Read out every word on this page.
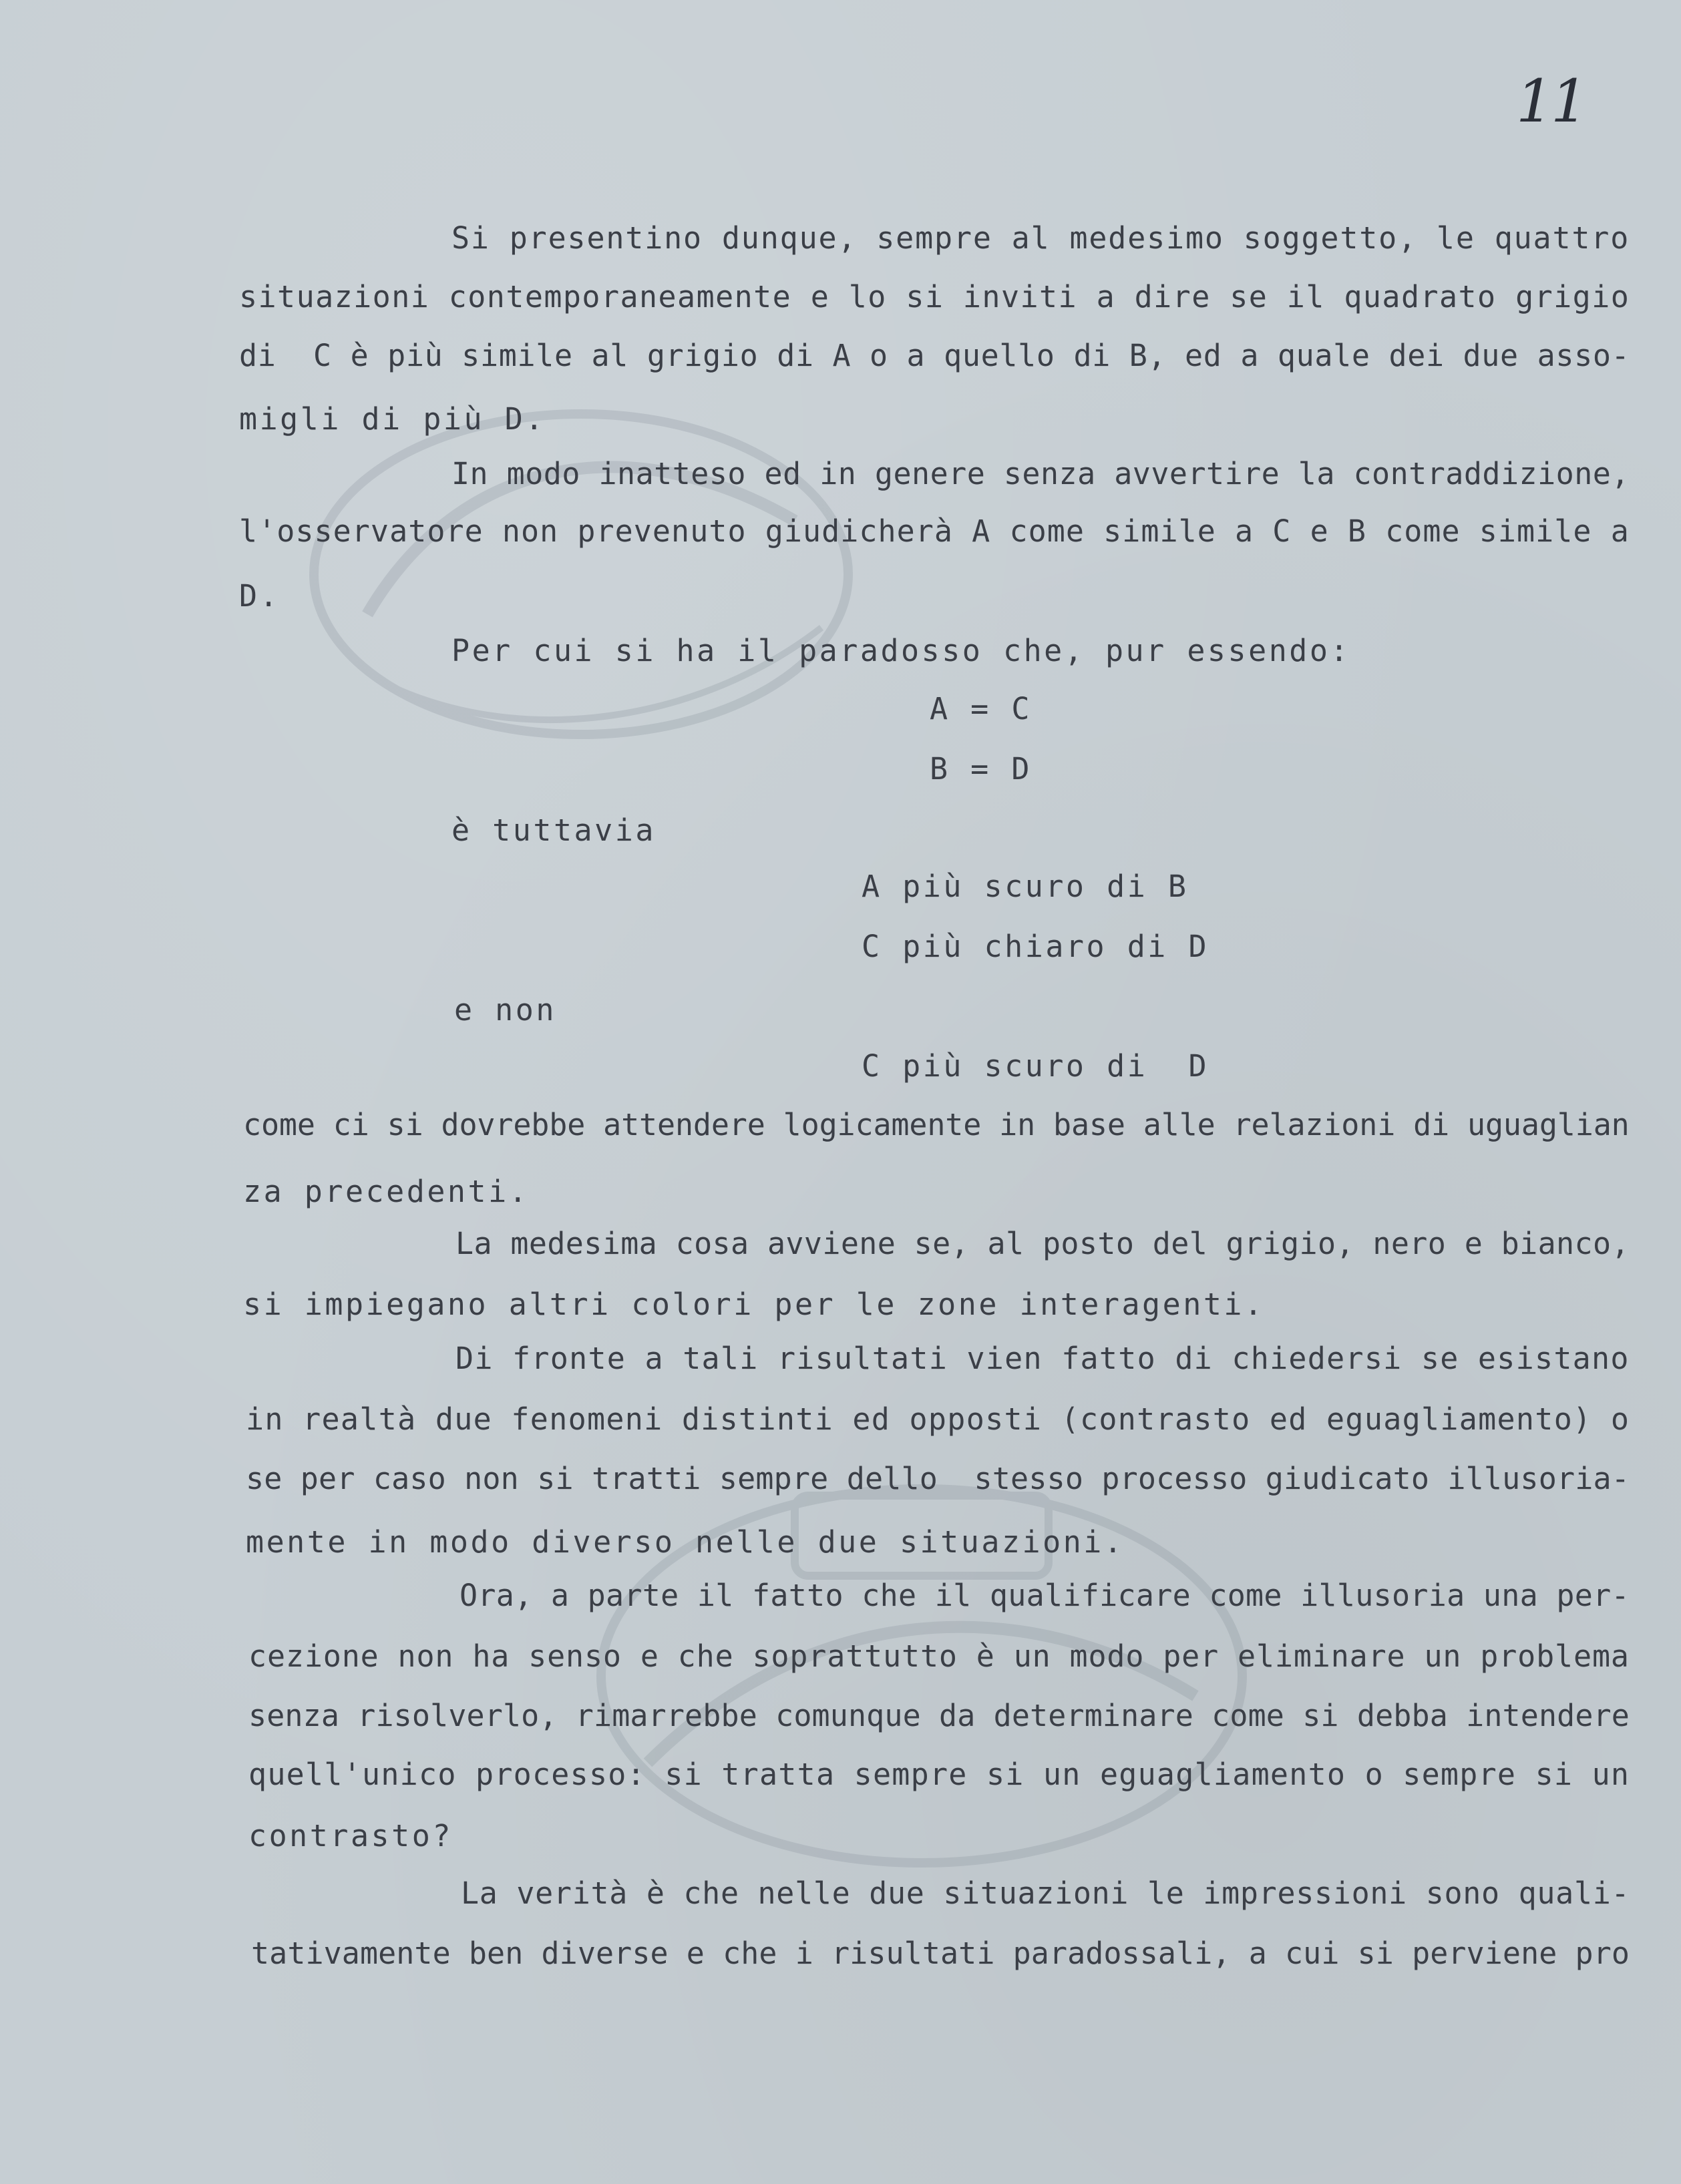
11
Si presentino dunque, sempre al medesimo soggetto, le quattro
situazioni contemporaneamente e lo si inviti a dire se il quadrato grigio
di  C è più simile al grigio di A o a quello di B, ed a quale dei due asso-
migli di più D.
In modo inatteso ed in genere senza avvertire la contraddizione,
l'osservatore non prevenuto giudicherà A come simile a C e B come simile a
D.
Per cui si ha il paradosso che, pur essendo:
A = C
B = D
è tuttavia
A più scuro di B
C più chiaro di D
e non
C più scuro di  D
come ci si dovrebbe attendere logicamente in base alle relazioni di uguaglian
za precedenti.
La medesima cosa avviene se, al posto del grigio, nero e bianco,
si impiegano altri colori per le zone interagenti.
Di fronte a tali risultati vien fatto di chiedersi se esistano
in realtà due fenomeni distinti ed opposti (contrasto ed eguagliamento) o
se per caso non si tratti sempre dello  stesso processo giudicato illusoria-
mente in modo diverso nelle due situazioni.
Ora, a parte il fatto che il qualificare come illusoria una per-
cezione non ha senso e che soprattutto è un modo per eliminare un problema
senza risolverlo, rimarrebbe comunque da determinare come si debba intendere
quell'unico processo: si tratta sempre si un eguagliamento o sempre si un
contrasto?
La verità è che nelle due situazioni le impressioni sono quali-
tativamente ben diverse e che i risultati paradossali, a cui si perviene pro
